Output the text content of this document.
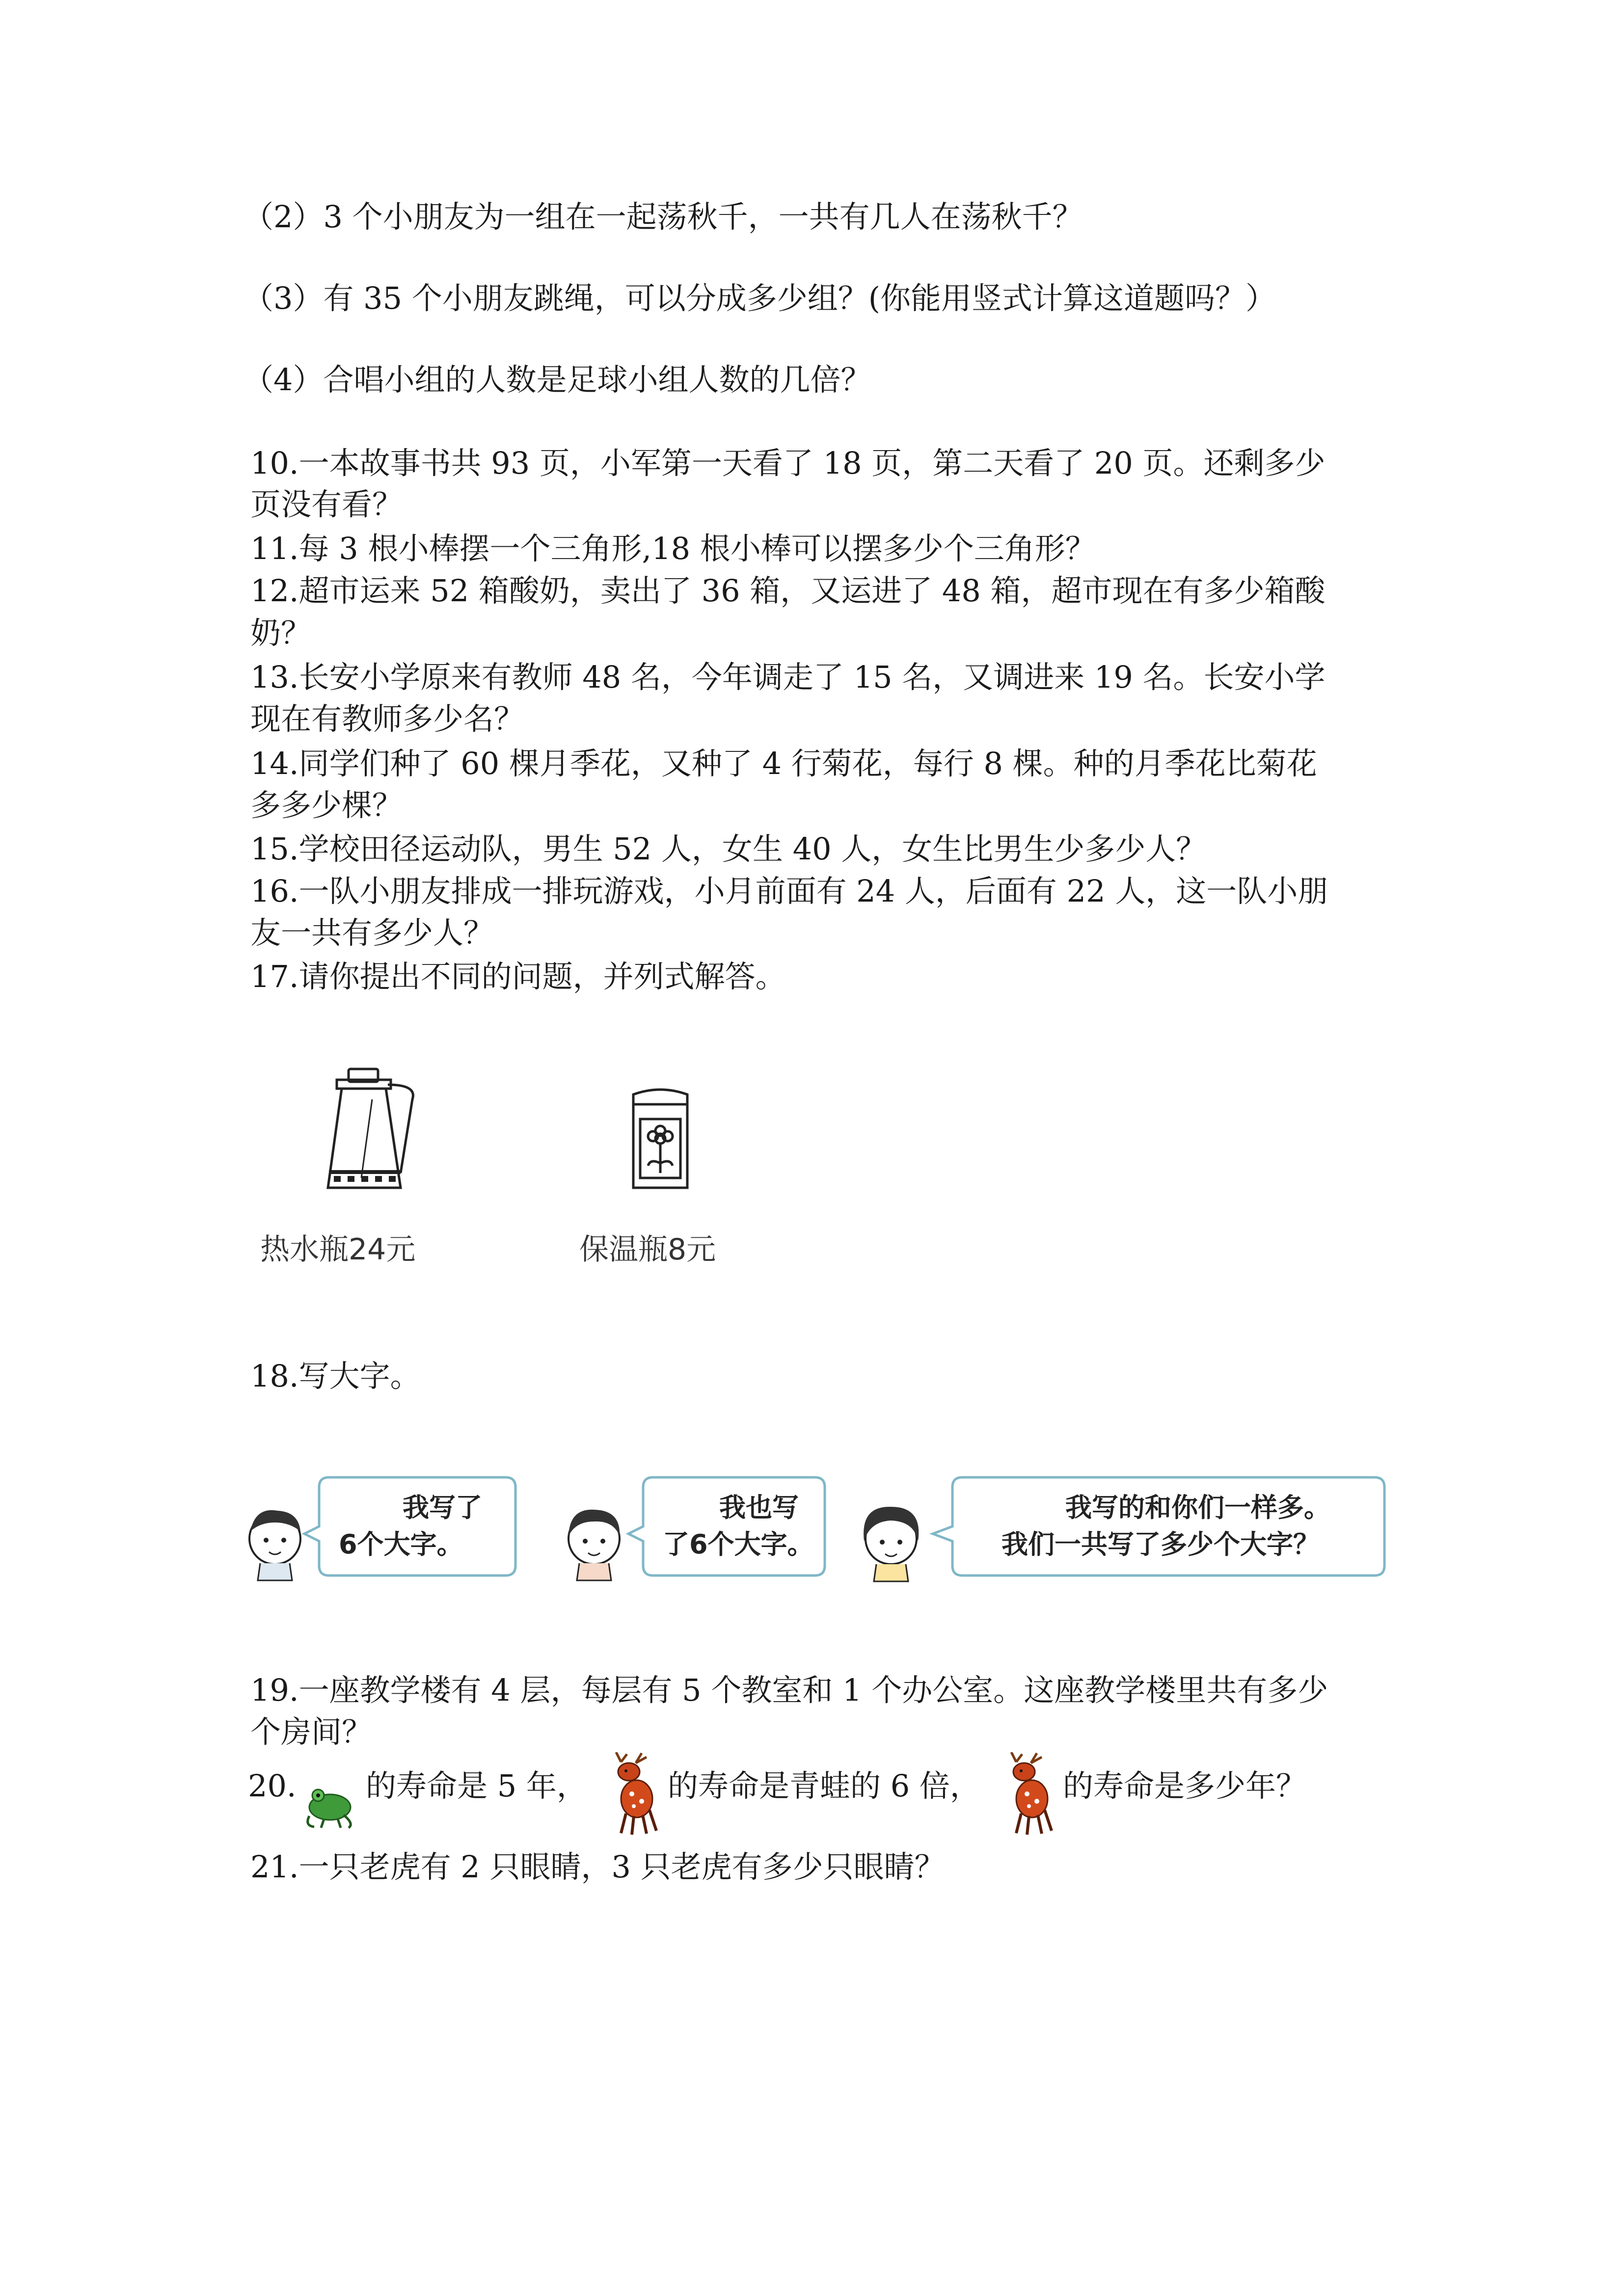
（2）3 个小朋友为一组在一起荡秋千，一共有几人在荡秋千？
（3）有 35 个小朋友跳绳，可以分成多少组？(你能用竖式计算这道题吗？）
（4）合唱小组的人数是足球小组人数的几倍？
10.一本故事书共 93 页，小军第一天看了 18 页，第二天看了 20 页。还剩多少
页没有看？
11.每 3 根小棒摆一个三角形,18 根小棒可以摆多少个三角形？
12.超市运来 52 箱酸奶，卖出了 36 箱，又运进了 48 箱，超市现在有多少箱酸
奶？
13.长安小学原来有教师 48 名，今年调走了 15 名，又调进来 19 名。长安小学
现在有教师多少名？
14.同学们种了 60 棵月季花，又种了 4 行菊花，每行 8 棵。种的月季花比菊花
多多少棵？
15.学校田径运动队，男生 52 人，女生 40 人，女生比男生少多少人？
16.一队小朋友排成一排玩游戏，小月前面有 24 人，后面有 22 人，这一队小朋
友一共有多少人？
17.请你提出不同的问题，并列式解答。
热水瓶24元	保温瓶8元
18.写大字。
我写了
6个大字。
我也写
了6个大字。
我写的和你们一样多。
我们一共写了多少个大字？
19.一座教学楼有 4 层，每层有 5 个教室和 1 个办公室。这座教学楼里共有多少
个房间？
20. 的寿命是 5 年，	的寿命是青蛙的 6 倍，	的寿命是多少年？
21.一只老虎有 2 只眼睛，3 只老虎有多少只眼睛？
